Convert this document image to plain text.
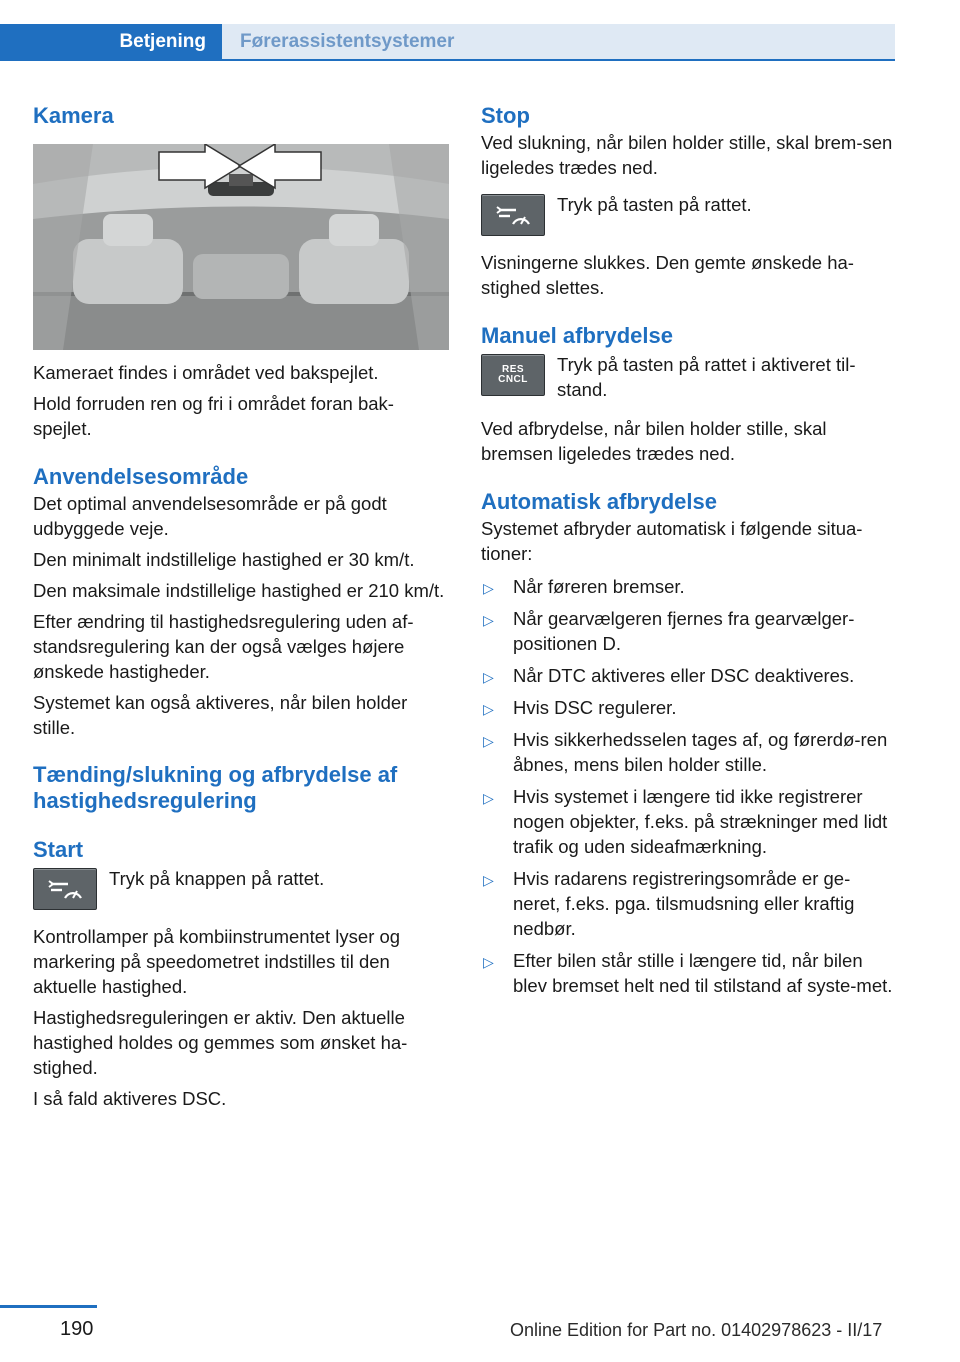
Betjening	Førerassistentsystemer
Kamera

Kameraet findes i området ved bakspejlet.

Hold forruden ren og fri i området foran bak‐spejlet.

Anvendelsesområde

Det optimal anvendelsesområde er på godt udbyggede veje.

Den minimalt indstillelige hastighed er 30 km/t.

Den maksimale indstillelige hastighed er 210 km/t.

Efter ændring til hastighedsregulering uden af‐standsregulering kan der også vælges højere ønskede hastigheder.

Systemet kan også aktiveres, når bilen holder stille.

Tænding/slukning og afbrydelse af hastighedsregulering
Start

Tryk på knappen på rattet.

Kontrollamper på kombiinstrumentet lyser og markering på speedometret indstilles til den aktuelle hastighed.

Hastighedsreguleringen er aktiv. Den aktuelle hastighed holdes og gemmes som ønsket ha‐stighed.

I så fald aktiveres DSC.

Stop

Ved slukning, når bilen holder stille, skal brem‐sen ligeledes trædes ned.

Tryk på tasten på rattet.

Visningerne slukkes. Den gemte ønskede ha‐stighed slettes.

Manuel afbrydelse
RES
CNCL

Tryk på tasten på rattet i aktiveret til‐stand.

Ved afbrydelse, når bilen holder stille, skal bremsen ligeledes trædes ned.

Automatisk afbrydelse

Systemet afbryder automatisk i følgende situa‐tioner:

▷ Når føreren bremser.
▷ Når gearvælgeren fjernes fra gearvælger‐positionen D.
▷ Når DTC aktiveres eller DSC deaktiveres.
▷ Hvis DSC regulerer.
▷ Hvis sikkerhedsselen tages af, og førerdø‐ren åbnes, mens bilen holder stille.
▷ Hvis systemet i længere tid ikke registrerer nogen objekter, f.eks. på strækninger med lidt trafik og uden sideafmærkning.
▷ Hvis radarens registreringsområde er ge‐neret, f.eks. pga. tilsmudsning eller kraftig nedbør.
▷ Efter bilen står stille i længere tid, når bilen blev bremset helt ned til stilstand af syste‐met.
190	Online Edition for Part no. 01402978623 - II/17
